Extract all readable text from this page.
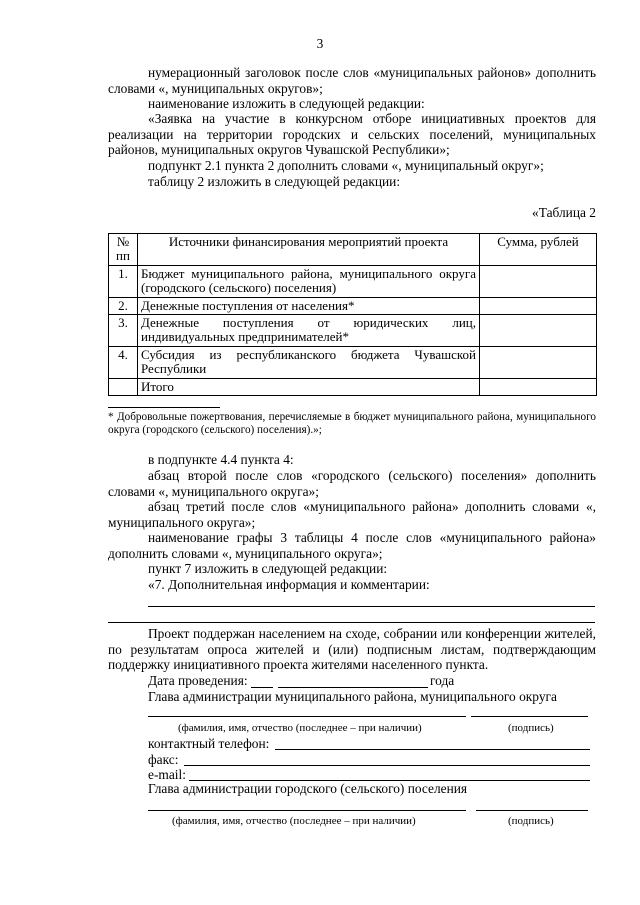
3

нумерационный заголовок после слов «муниципальных районов» дополнить словами «, муниципальных округов»;

наименование изложить в следующей редакции:

«Заявка на участие в конкурсном отборе инициативных проектов для реализации на территории городских и сельских поселений, муниципальных районов, муниципальных округов Чувашской Республики»;

подпункт 2.1 пункта 2 дополнить словами «, муниципальный округ»;

таблицу 2 изложить в следующей редакции:

«Таблица 2
№ пп	Источники финансирования мероприятий проекта	Сумма, рублей
1.	Бюджет муниципального района, муниципального округа (городского (сельского) поселения)	
2.	Денежные поступления от населения*	
3.	Денежные поступления от юридических лиц, индивидуальных предпринимателей*	
4.	Субсидия из республиканского бюджета Чувашской Республики	
	Итого	

* Добровольные пожертвования, перечисляемые в бюджет муниципального района, муниципального округа (городского (сельского) поселения).»;

в подпункте 4.4 пункта 4:

абзац второй после слов «городского (сельского) поселения» дополнить словами «, муниципального округа»;

абзац третий после слов «муниципального района» дополнить словами «, муниципального округа»;

наименование графы 3 таблицы 4 после слов «муниципального района» дополнить словами «, муниципального округа»;

пункт 7 изложить в следующей редакции:

«7. Дополнительная информация и комментарии:

Проект поддержан населением на сходе, собрании или конференции жителей, по результатам опроса жителей и (или) подписным листам, подтверждающим поддержку инициативного проекта жителями населенного пункта.

Дата проведения:	года
Глава администрации муниципального района, муниципального округа
(фамилия, имя, отчество (последнее – при наличии)	(подпись)
контактный телефон:
факс:
e-mail:
Глава администрации городского (сельского) поселения
(фамилия, имя, отчество (последнее – при наличии)	(подпись)
